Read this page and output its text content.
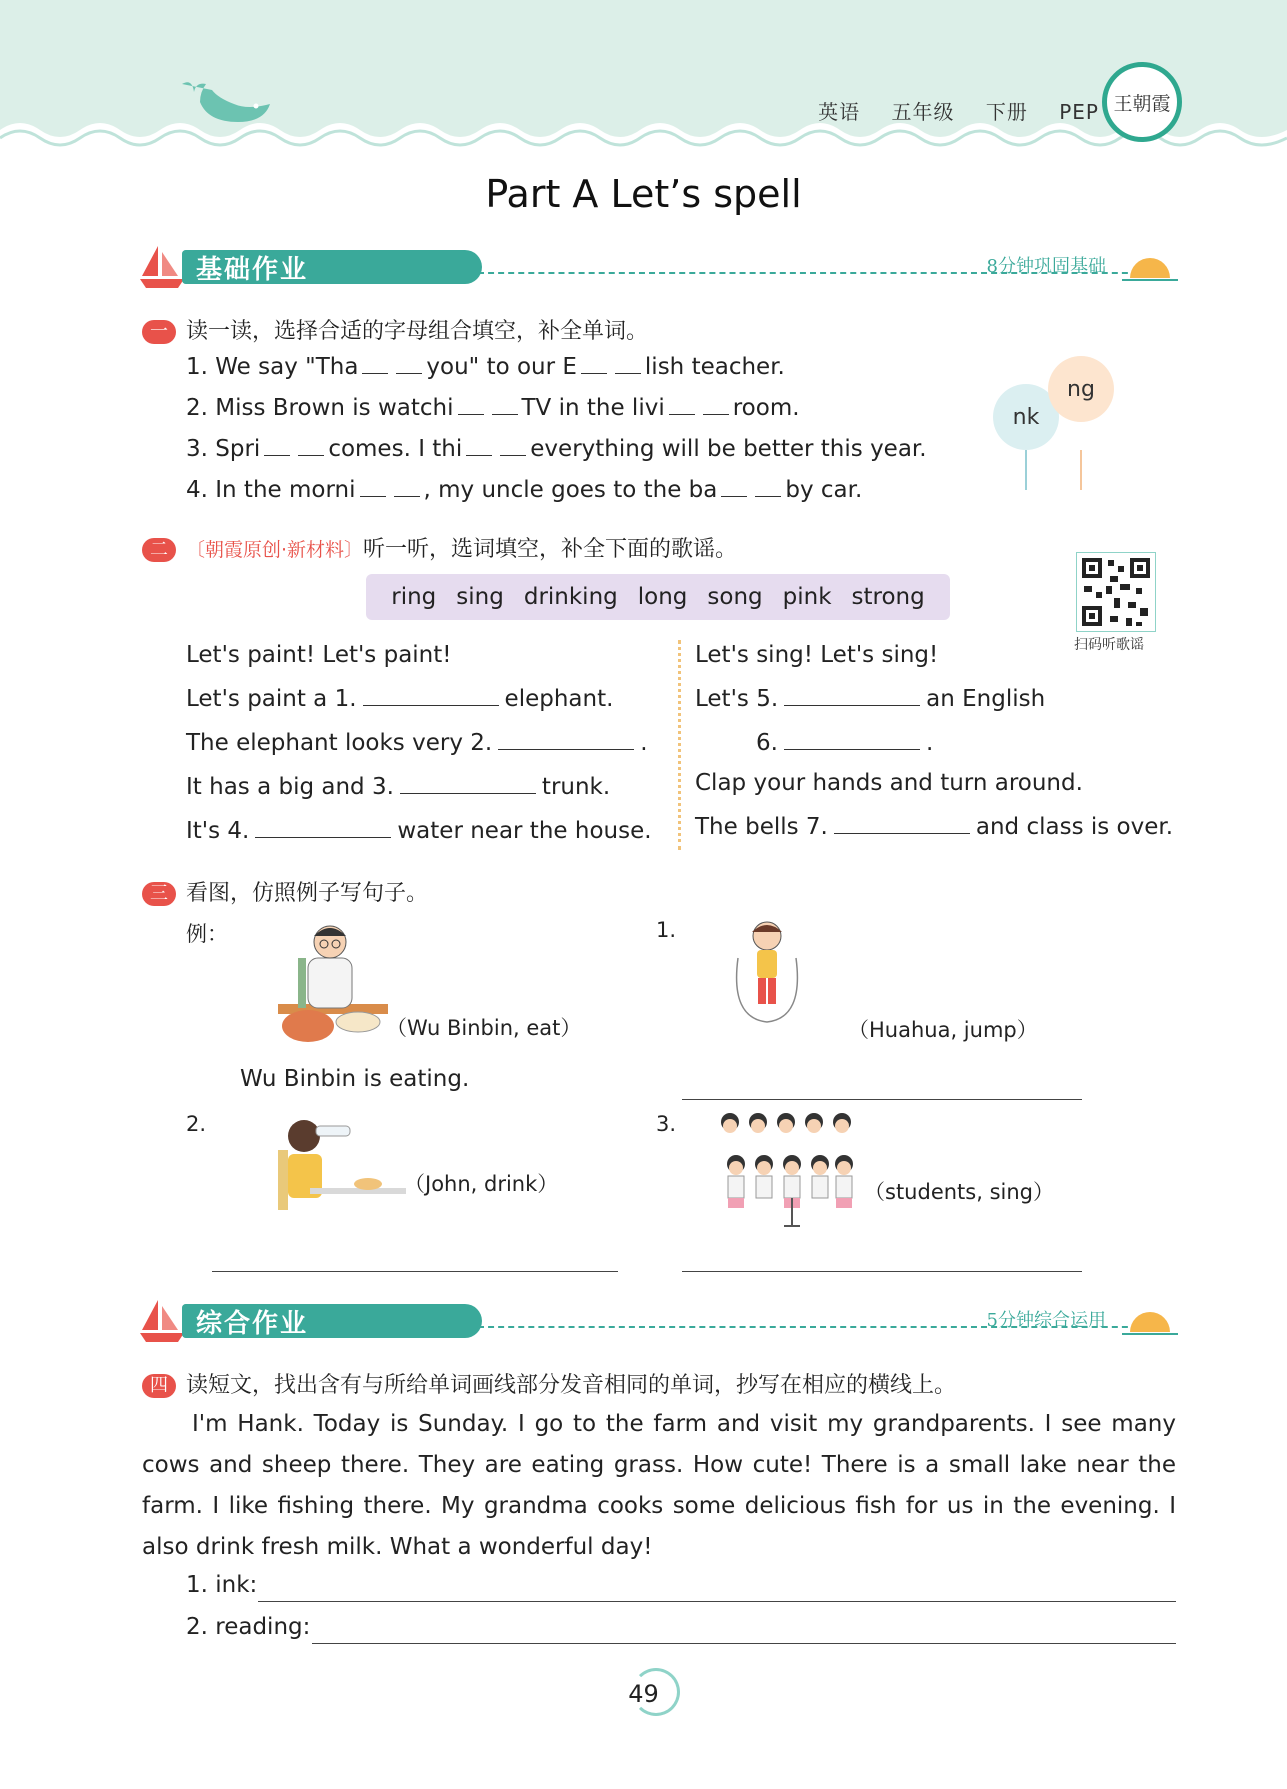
英语 五年级 下册 PEP 王朝霞
Part A Let’s spell
基础作业	8分钟巩固基础
一 读一读，选择合适的字母组合填空，补全单词。
1. We say "Tha	you" to our E	lish teacher.
2. Miss Brown is watchi	TV in the livi	room.
3. Spri	comes. I thi	everything will be better this year.
4. In the morni	, my uncle goes to the ba	by car.
nk
ng
二 〔朝霞原创·新材料〕听一听，选词填空，补全下面的歌谣。
ring sing drinking long song pink strong
扫码听歌谣
Let's paint! Let's paint!
Let's paint a 1.	elephant.
The elephant looks very 2.	.
It has a big and 3.	trunk.
It's 4.	water near the house.
Let's sing! Let's sing!
Let's 5.	an English
6.	.
Clap your hands and turn around.
The bells 7.	and class is over.
三 看图，仿照例子写句子。
例：
（Wu Binbin, eat）
Wu Binbin is eating.
1.
（Huahua, jump）
2.
（John, drink）
3.
（students, sing）
综合作业	5分钟综合运用
四 读短文，找出含有与所给单词画线部分发音相同的单词，抄写在相应的横线上。

I'm Hank. Today is Sunday. I go to the farm and visit my grandparents. I see many cows and sheep there. They are eating grass. How cute! There is a small lake near the farm. I like fishing there. My grandma cooks some delicious fish for us in the evening. I also drink fresh milk. What a wonderful day!

1. ink:
2. reading:
49
